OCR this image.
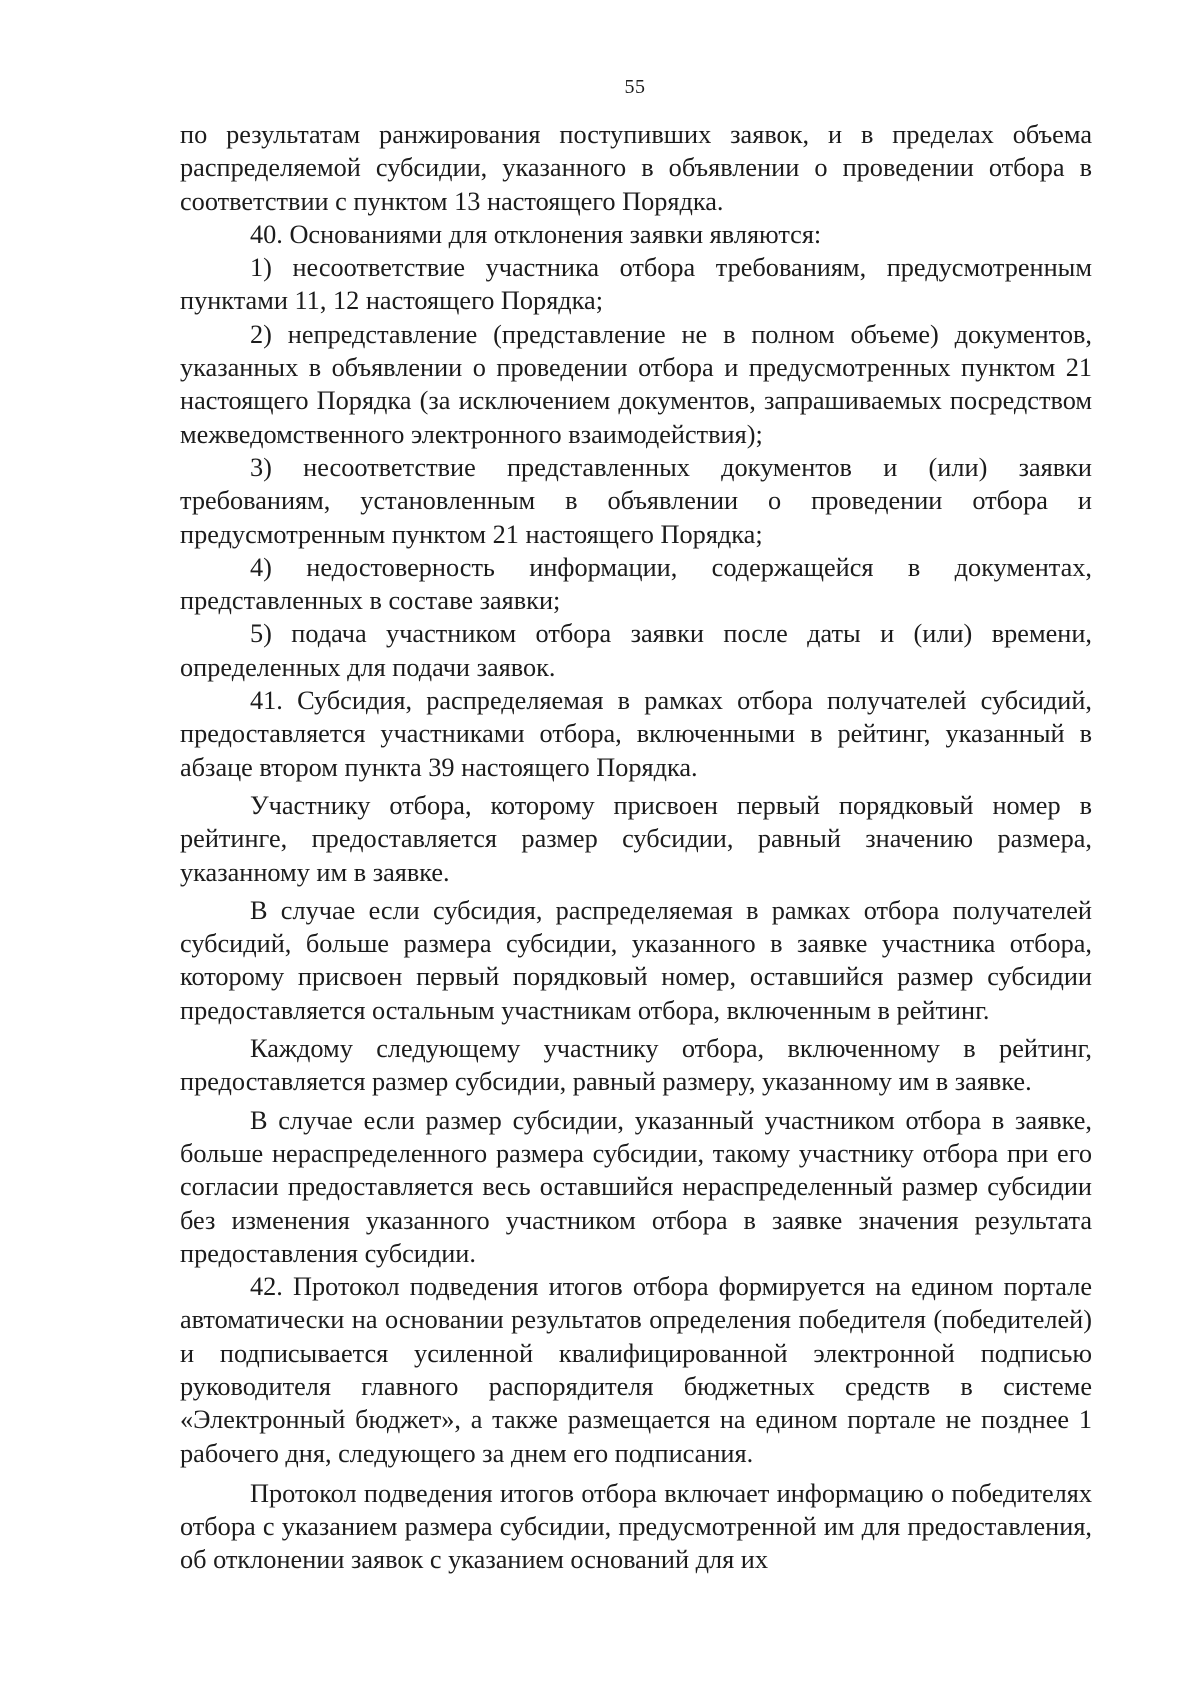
55

по результатам ранжирования поступивших заявок, и в пределах объема распределяемой субсидии, указанного в объявлении о проведении отбора в соответствии с пунктом 13 настоящего Порядка.

40. Основаниями для отклонения заявки являются:

1) несоответствие участника отбора требованиям, предусмотренным пунктами 11, 12 настоящего Порядка;

2) непредставление (представление не в полном объеме) документов, указанных в объявлении о проведении отбора и предусмотренных пунктом 21 настоящего Порядка (за исключением документов, запрашиваемых посредством межведомственного электронного взаимодействия);

3) несоответствие представленных документов и (или) заявки требованиям, установленным в объявлении о проведении отбора и предусмотренным пунктом 21 настоящего Порядка;

4) недостоверность информации, содержащейся в документах, представленных в составе заявки;

5) подача участником отбора заявки после даты и (или) времени, определенных для подачи заявок.

41. Субсидия, распределяемая в рамках отбора получателей субсидий, предоставляется участниками отбора, включенными в рейтинг, указанный в абзаце втором пункта 39 настоящего Порядка.

Участнику отбора, которому присвоен первый порядковый номер в рейтинге, предоставляется размер субсидии, равный значению размера, указанному им в заявке.

В случае если субсидия, распределяемая в рамках отбора получателей субсидий, больше размера субсидии, указанного в заявке участника отбора, которому присвоен первый порядковый номер, оставшийся размер субсидии предоставляется остальным участникам отбора, включенным в рейтинг.

Каждому следующему участнику отбора, включенному в рейтинг, предоставляется размер субсидии, равный размеру, указанному им в заявке.

В случае если размер субсидии, указанный участником отбора в заявке, больше нераспределенного размера субсидии, такому участнику отбора при его согласии предоставляется весь оставшийся нераспределенный размер субсидии без изменения указанного участником отбора в заявке значения результата предоставления субсидии.

42. Протокол подведения итогов отбора формируется на едином портале автоматически на основании результатов определения победителя (победителей) и подписывается усиленной квалифицированной электронной подписью руководителя главного распорядителя бюджетных средств в системе «Электронный бюджет», а также размещается на едином портале не позднее 1 рабочего дня, следующего за днем его подписания.

Протокол подведения итогов отбора включает информацию о победителях отбора с указанием размера субсидии, предусмотренной им для предоставления, об отклонении заявок с указанием оснований для их
